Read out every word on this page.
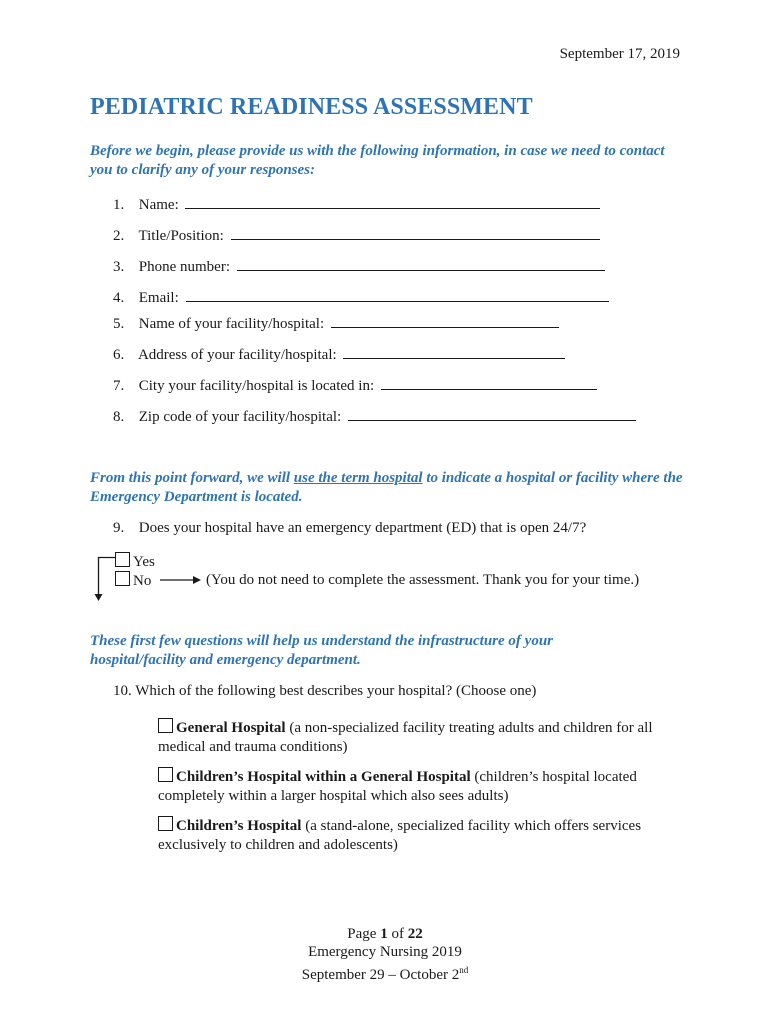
September 17, 2019
PEDIATRIC READINESS ASSESSMENT
Before we begin, please provide us with the following information, in case we need to contact you to clarify any of your responses:
1. Name:
2. Title/Position:
3. Phone number:
4. Email:
5. Name of your facility/hospital:
6. Address of your facility/hospital:
7. City your facility/hospital is located in:
8. Zip code of your facility/hospital:
From this point forward, we will use the term hospital to indicate a hospital or facility where the Emergency Department is located.
9. Does your hospital have an emergency department (ED) that is open 24/7?
Yes
No	(You do not need to complete the assessment. Thank you for your time.)
These first few questions will help us understand the infrastructure of your hospital/facility and emergency department.
10. Which of the following best describes your hospital? (Choose one)
General Hospital (a non-specialized facility treating adults and children for all medical and trauma conditions)
Children’s Hospital within a General Hospital (children’s hospital located completely within a larger hospital which also sees adults)
Children’s Hospital (a stand-alone, specialized facility which offers services exclusively to children and adolescents)
Page 1 of 22
Emergency Nursing 2019
September 29 – October 2nd
